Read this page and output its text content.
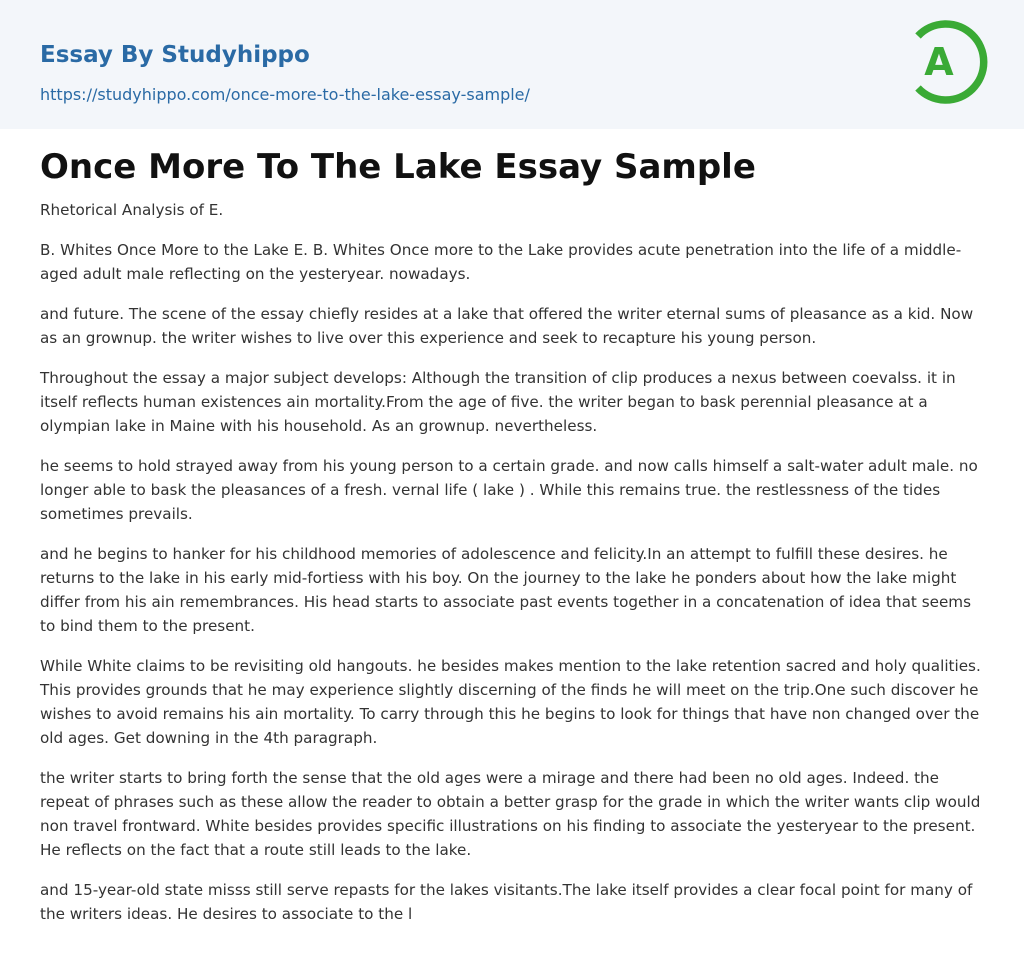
Essay By Studyhippo
https://studyhippo.com/once-more-to-the-lake-essay-sample/
A
Once More To The Lake Essay Sample

Rhetorical Analysis of E.

B. Whites Once More to the Lake E. B. Whites Once more to the Lake provides acute penetration into the life of a middle-aged adult male reflecting on the yesteryear. nowadays.

and future. The scene of the essay chiefly resides at a lake that offered the writer eternal sums of pleasance as a kid. Now as an grownup. the writer wishes to live over this experience and seek to recapture his young person.

Throughout the essay a major subject develops: Although the transition of clip produces a nexus between coevalss. it in itself reflects human existences ain mortality.From the age of five. the writer began to bask perennial pleasance at a olympian lake in Maine with his household. As an grownup. nevertheless.

he seems to hold strayed away from his young person to a certain grade. and now calls himself a salt-water adult male. no longer able to bask the pleasances of a fresh. vernal life ( lake ) . While this remains true. the restlessness of the tides sometimes prevails.

and he begins to hanker for his childhood memories of adolescence and felicity.In an attempt to fulfill these desires. he returns to the lake in his early mid-fortiess with his boy. On the journey to the lake he ponders about how the lake might differ from his ain remembrances. His head starts to associate past events together in a concatenation of idea that seems to bind them to the present.

While White claims to be revisiting old hangouts. he besides makes mention to the lake retention sacred and holy qualities. This provides grounds that he may experience slightly discerning of the finds he will meet on the trip.One such discover he wishes to avoid remains his ain mortality. To carry through this he begins to look for things that have non changed over the old ages. Get downing in the 4th paragraph.

the writer starts to bring forth the sense that the old ages were a mirage and there had been no old ages. Indeed. the repeat of phrases such as these allow the reader to obtain a better grasp for the grade in which the writer wants clip would non travel frontward. White besides provides specific illustrations on his finding to associate the yesteryear to the present. He reflects on the fact that a route still leads to the lake.

and 15-year-old state misss still serve repasts for the lakes visitants.The lake itself provides a clear focal point for many of the writers ideas. He desires to associate to the l
